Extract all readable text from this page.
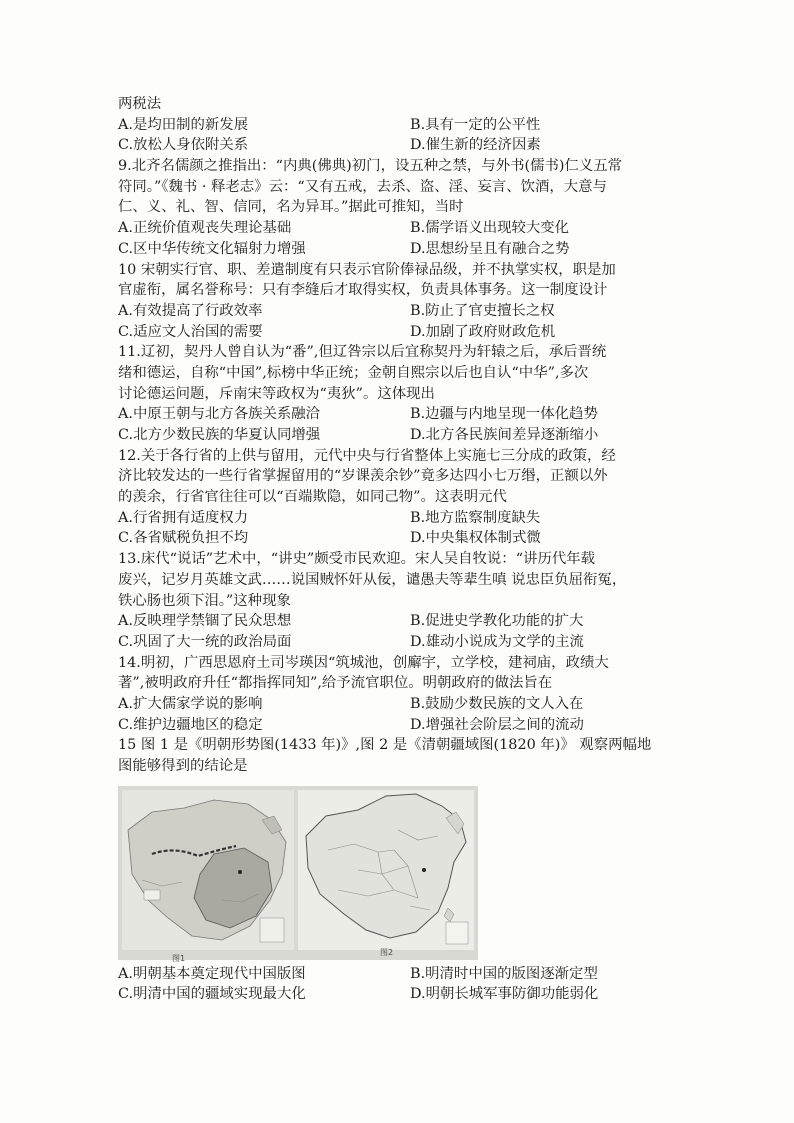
两税法
A.是均田制的新发展	B.具有一定的公平性
C.放松人身依附关系	D.催生新的经济因素
9.北齐名儒颜之推指出：“内典(佛典)初门，设五种之禁，与外书(儒书)仁义五常
符同。”《魏书 · 释老志》云：“又有五戒，去杀、盗、淫、妄言、饮酒，大意与
仁、义、礼、智、信同，名为异耳。”据此可推知，当时
A.正统价值观丧失理论基础	B.儒学语义出现较大变化
C.区中华传统文化辐射力增强	D.思想纷呈且有融合之势
10 宋朝实行官、职、差遣制度有只表示官阶俸禄品级，并不执掌实权，职是加
官虚衔，属名誉称号：只有李缝后才取得实权，负责具体事务。这一制度设计
A.有效提高了行政效率	B.防止了官吏擅长之权
C.适应文人治国的需要	D.加剧了政府财政危机
11.辽初，契丹人曾自认为“番”,但辽咎宗以后宜称契丹为轩辕之后，承后晋统
绪和德运，自称“中国”,标榜中华正统；金朝自熙宗以后也自认“中华”,多次
讨论德运问题，斥南宋等政权为“夷狄”。这体现出
A.中原王朝与北方各族关系融洽	B.边疆与内地呈现一体化趋势
C.北方少数民族的华夏认同增强	D.北方各民族间差异逐渐缩小
12.关于各行省的上供与留用，元代中央与行省整体上实施七三分成的政策，经
济比较发达的一些行省掌握留用的“岁课羡余钞”竟多达四小七万缗，正额以外
的羡余，行省官往往可以“百端欺隐，如同己物”。这表明元代
A.行省拥有适度权力	B.地方监察制度缺失
C.各省赋税负担不均	D.中央集权体制式微
13.床代“说话”艺术中，“讲史”颇受市民欢迎。宋人吴自牧说：“讲历代年载
废兴，记岁月英雄文武……说国贼怀奸从佞，谴愚夫等辈生嗔 说忠臣负屈衔冤，
铁心肠也须下泪。”这种现象
A.反映理学禁锢了民众思想	B.促进史学教化功能的扩大
C.巩固了大一统的政治局面	D.雄动小说成为文学的主流
14.明初，广西思恩府土司岑瑛因“筑城池，创廨宇，立学校，建祠庙，政绩大
著”,被明政府升任“都指挥同知”,给予流官职位。明朝政府的做法旨在
A.扩大儒家学说的影响	B.鼓励少数民族的文人入在
C.维护边疆地区的稳定	D.增强社会阶层之间的流动
15 图 1 是《明朝形势图(1433 年)》,图 2 是《清朝疆域图(1820 年)》 观察两幅地
图能够得到的结论是
图1
图2
A.明朝基本奠定现代中国版图	B.明清时中国的版图逐渐定型
C.明清中国的疆域实现最大化	D.明朝长城军事防御功能弱化
